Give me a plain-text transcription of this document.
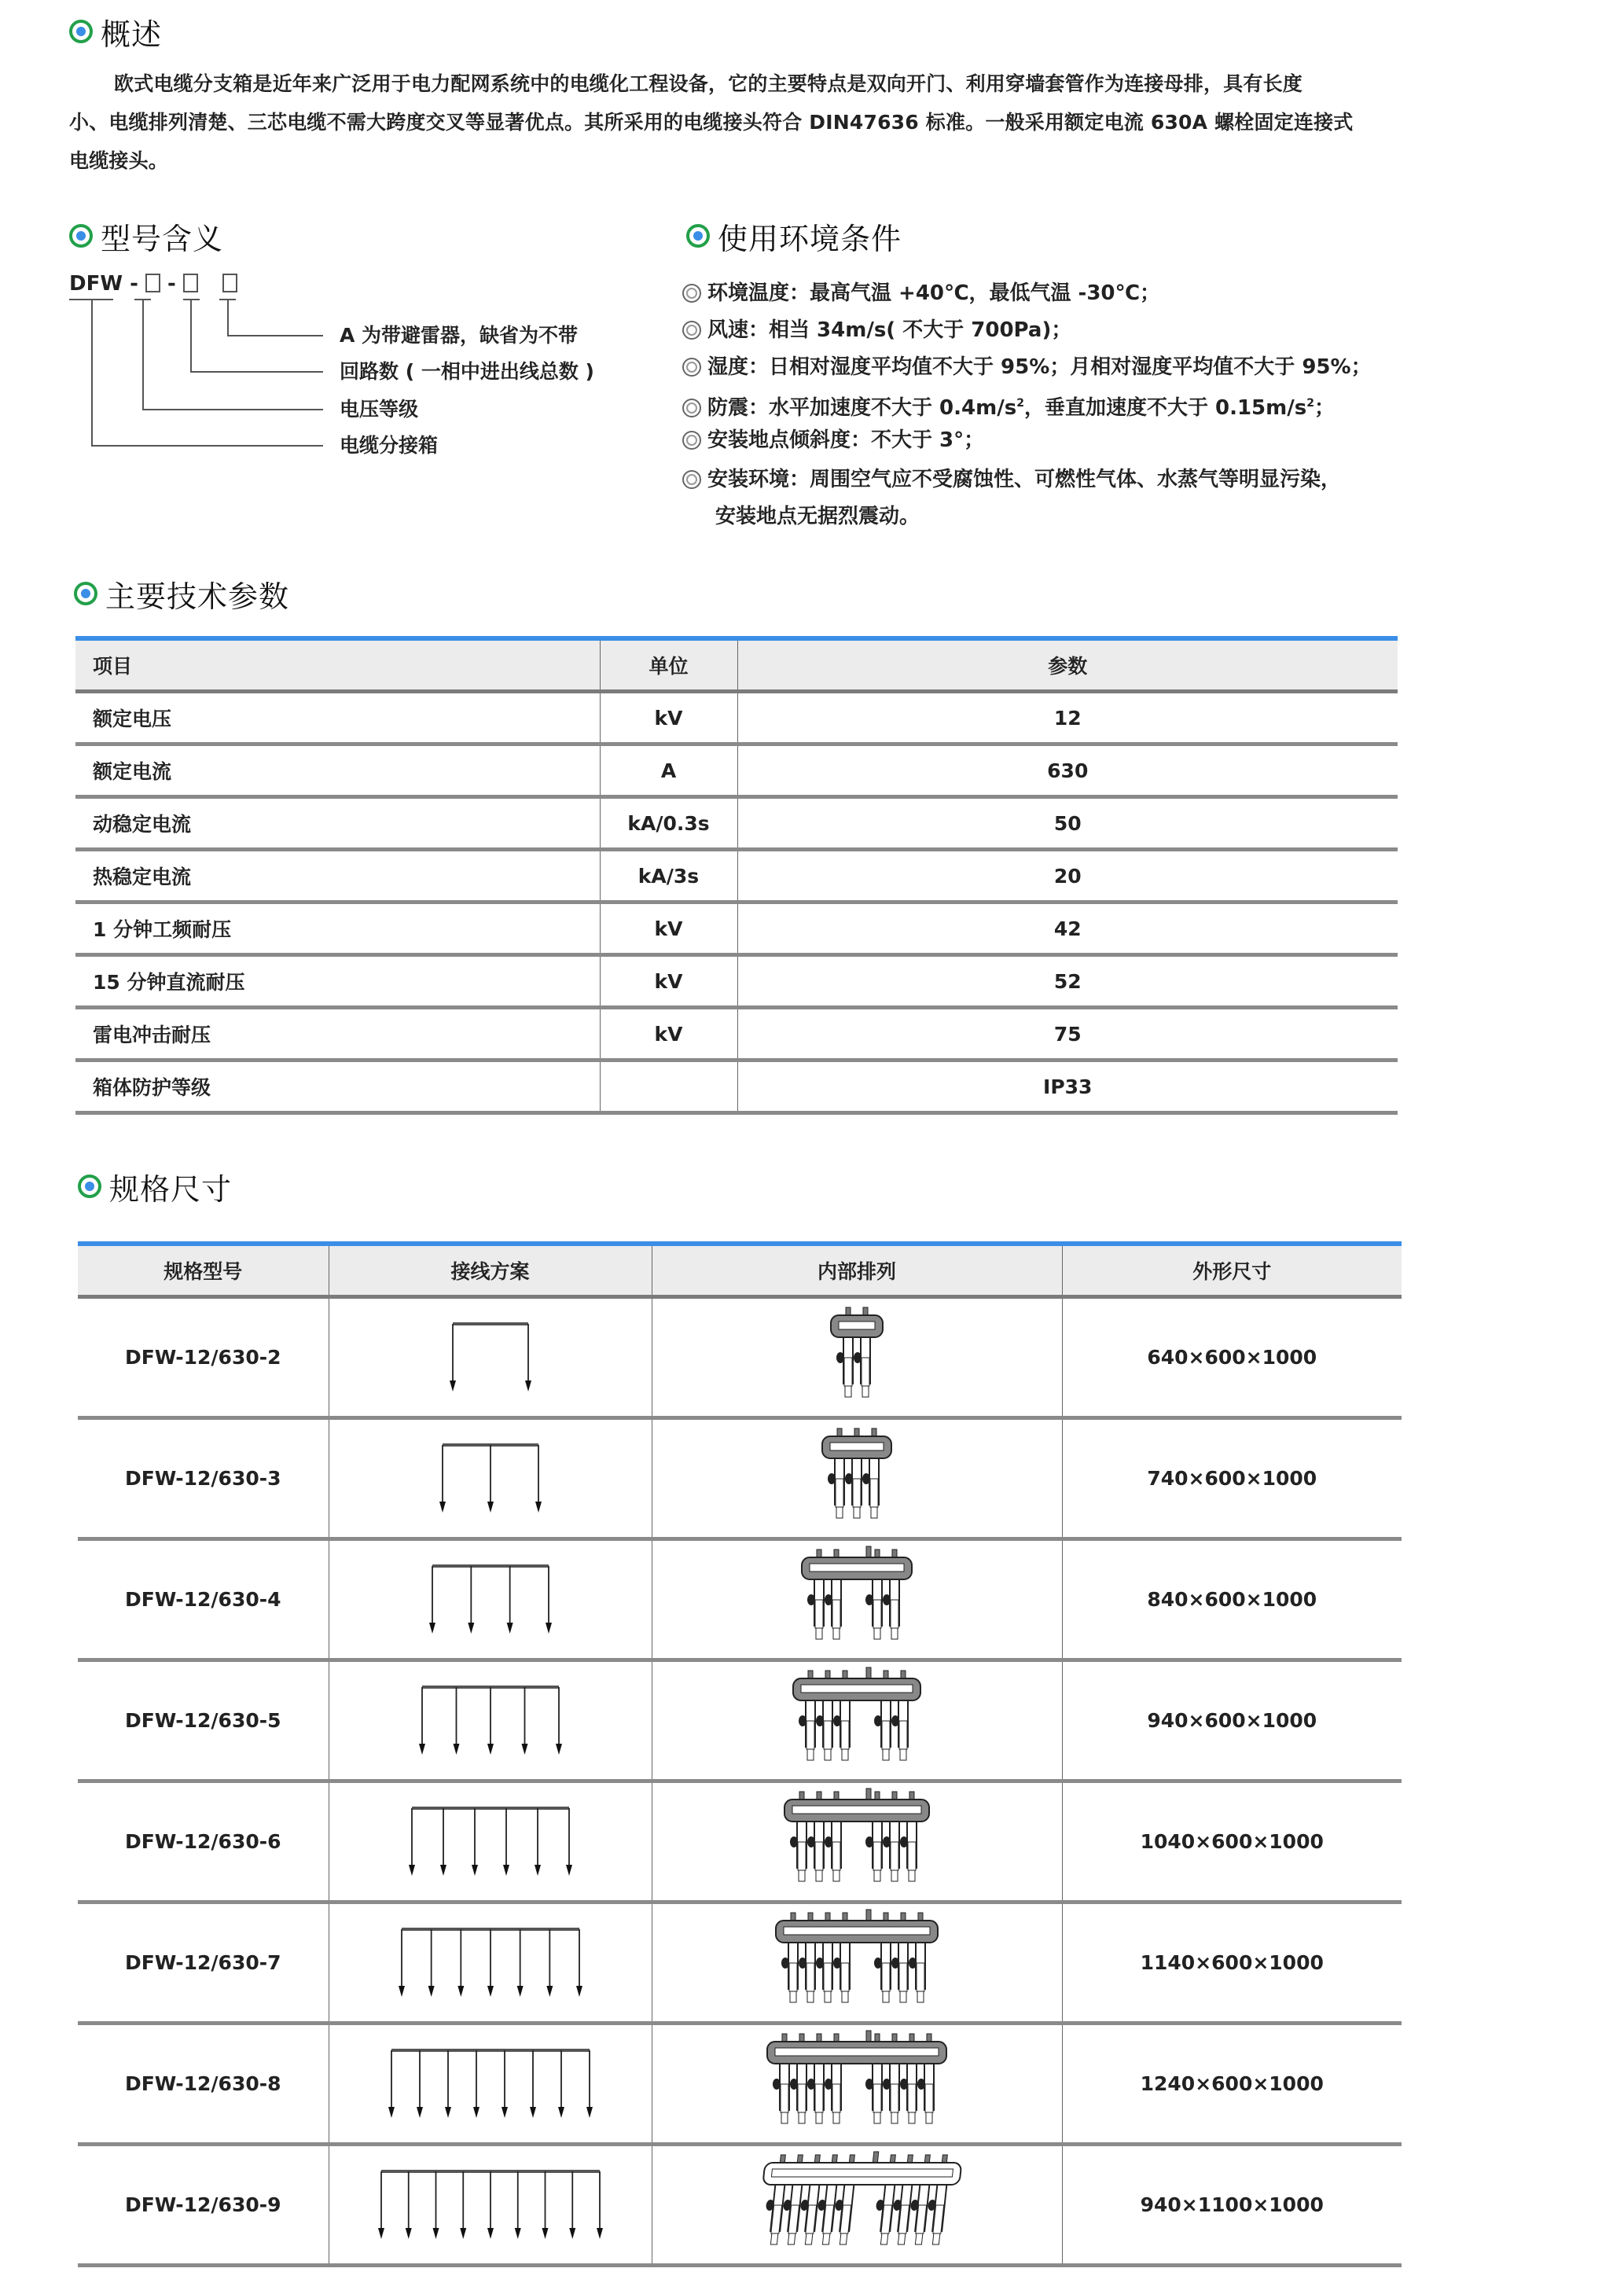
概述
欧式电缆分支箱是近年来广泛用于电力配网系统中的电缆化工程设备，它的主要特点是双向开门、利用穿墙套管作为连接母排，具有长度
小、电缆排列清楚、三芯电缆不需大跨度交叉等显著优点。其所采用的电缆接头符合 DIN47636 标准。一般采用额定电流 630A 螺栓固定连接式
电缆接头。
型号含义
DFW - -
A 为带避雷器，缺省为不带
回路数 ( 一相中进出线总数 )
电压等级
电缆分接箱
使用环境条件
环境温度：最高气温 +40℃，最低气温 -30℃；
风速：相当 34m/s( 不大于 700Pa)；
湿度：日相对湿度平均值不大于 95%；月相对湿度平均值不大于 95%；
防震：水平加速度不大于 $0.4m/s^2$，垂直加速度不大于 $0.15m/s^2$；
安装地点倾斜度：不大于 3°；
安装环境：周围空气应不受腐蚀性、可燃性气体、水蒸气等明显污染，
安装地点无据烈震动。
主要技术参数
项目	单位	参数
额定电压	kV	12
额定电流	A	630
动稳定电流	kA/0.3s	50
热稳定电流	kA/3s	20
1 分钟工频耐压	kV	42
15 分钟直流耐压	kV	52
雷电冲击耐压	kV	75
箱体防护等级		IP33
规格尺寸
规格型号	接线方案	内部排列	外形尺寸
DFW-12/630-2			640×600×1000
DFW-12/630-3			740×600×1000
DFW-12/630-4			840×600×1000
DFW-12/630-5			940×600×1000
DFW-12/630-6			1040×600×1000
DFW-12/630-7			1140×600×1000
DFW-12/630-8			1240×600×1000
DFW-12/630-9			940×1100×1000
